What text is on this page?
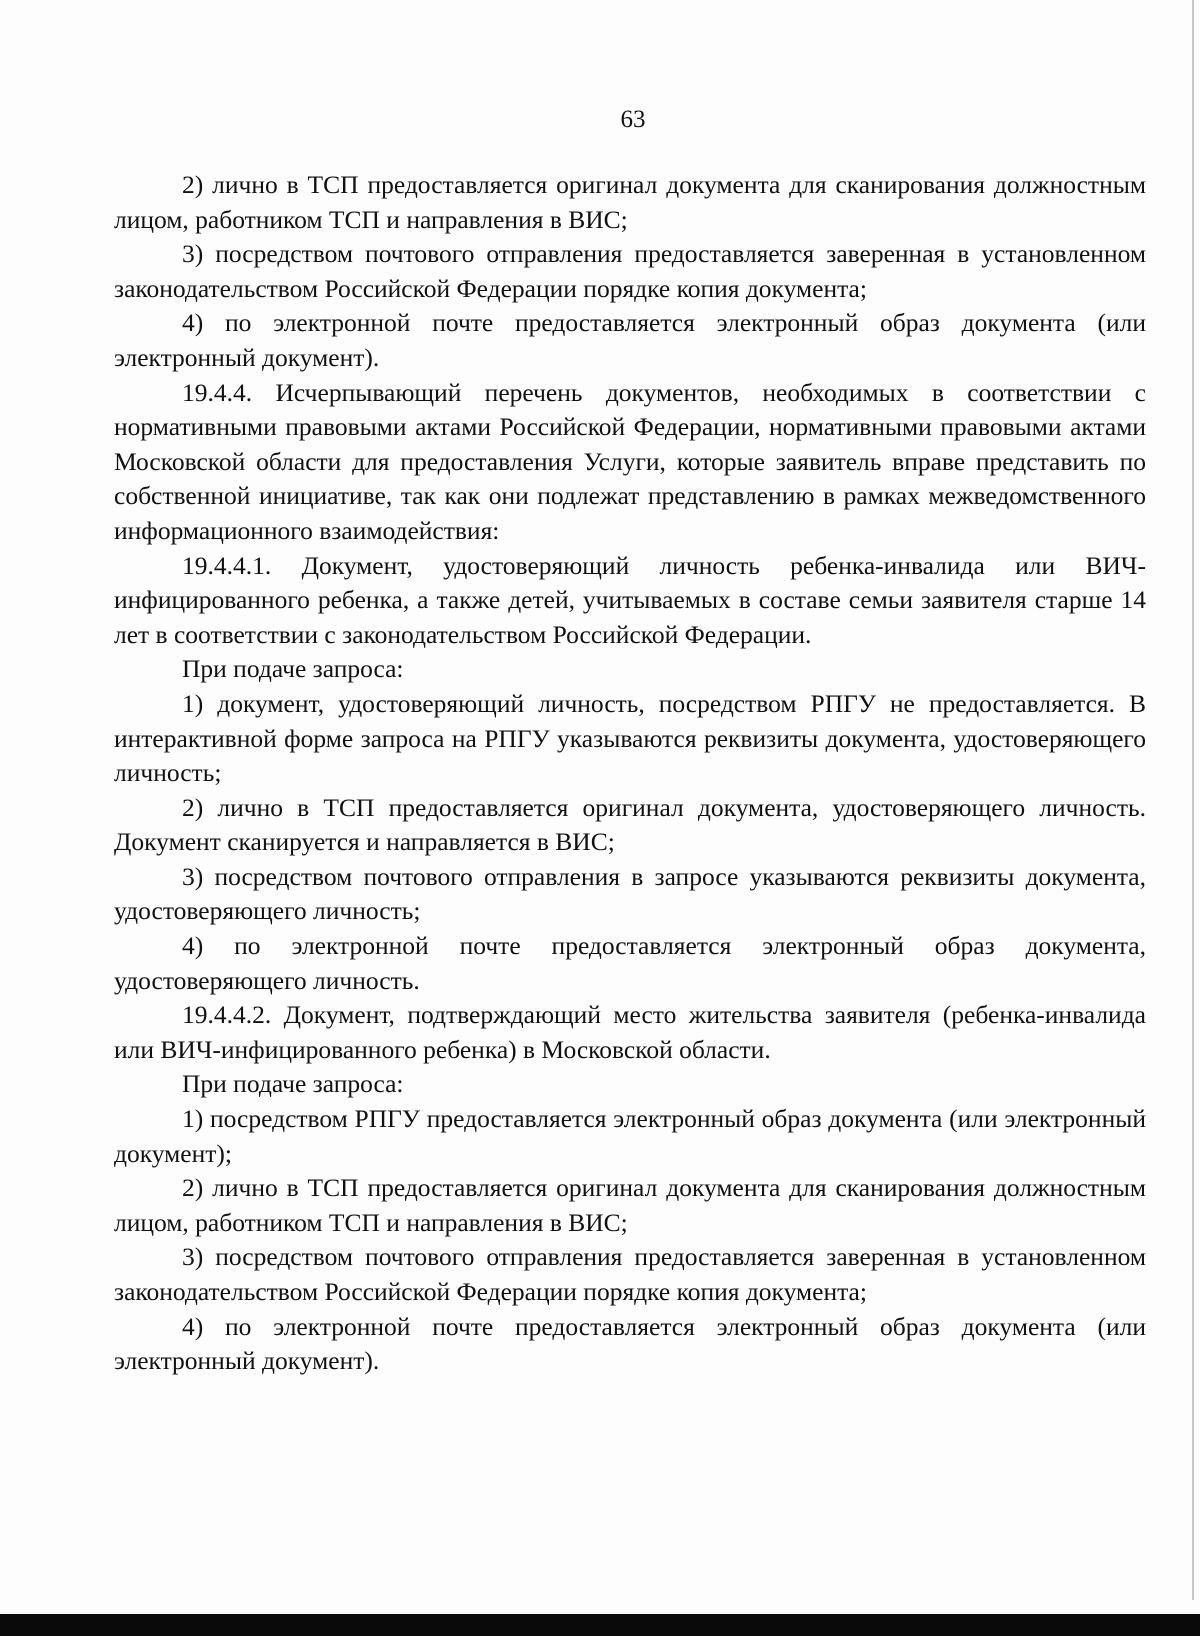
63

2) лично в ТСП предоставляется оригинал документа для сканирования должностным лицом, работником ТСП и направления в ВИС;

3) посредством почтового отправления предоставляется заверенная в установленном законодательством Российской Федерации порядке копия документа;

4) по электронной почте предоставляется электронный образ документа (или электронный документ).

19.4.4. Исчерпывающий перечень документов, необходимых в соответствии с нормативными правовыми актами Российской Федерации, нормативными правовыми актами Московской области для предоставления Услуги, которые заявитель вправе представить по собственной инициативе, так как они подлежат представлению в рамках межведомственного информационного взаимодействия:

19.4.4.1. Документ, удостоверяющий личность ребенка-инвалида или ВИЧ-инфицированного ребенка, а также детей, учитываемых в составе семьи заявителя старше 14 лет в соответствии с законодательством Российской Федерации.

При подаче запроса:

1) документ, удостоверяющий личность, посредством РПГУ не предоставляется. В интерактивной форме запроса на РПГУ указываются реквизиты документа, удостоверяющего личность;

2) лично в ТСП предоставляется оригинал документа, удостоверяющего личность. Документ сканируется и направляется в ВИС;

3) посредством почтового отправления в запросе указываются реквизиты документа, удостоверяющего личность;

4) по электронной почте предоставляется электронный образ документа, удостоверяющего личность.

19.4.4.2. Документ, подтверждающий место жительства заявителя (ребенка-инвалида или ВИЧ-инфицированного ребенка) в Московской области.

При подаче запроса:

1) посредством РПГУ предоставляется электронный образ документа (или электронный документ);

2) лично в ТСП предоставляется оригинал документа для сканирования должностным лицом, работником ТСП и направления в ВИС;

3) посредством почтового отправления предоставляется заверенная в установленном законодательством Российской Федерации порядке копия документа;

4) по электронной почте предоставляется электронный образ документа (или электронный документ).
